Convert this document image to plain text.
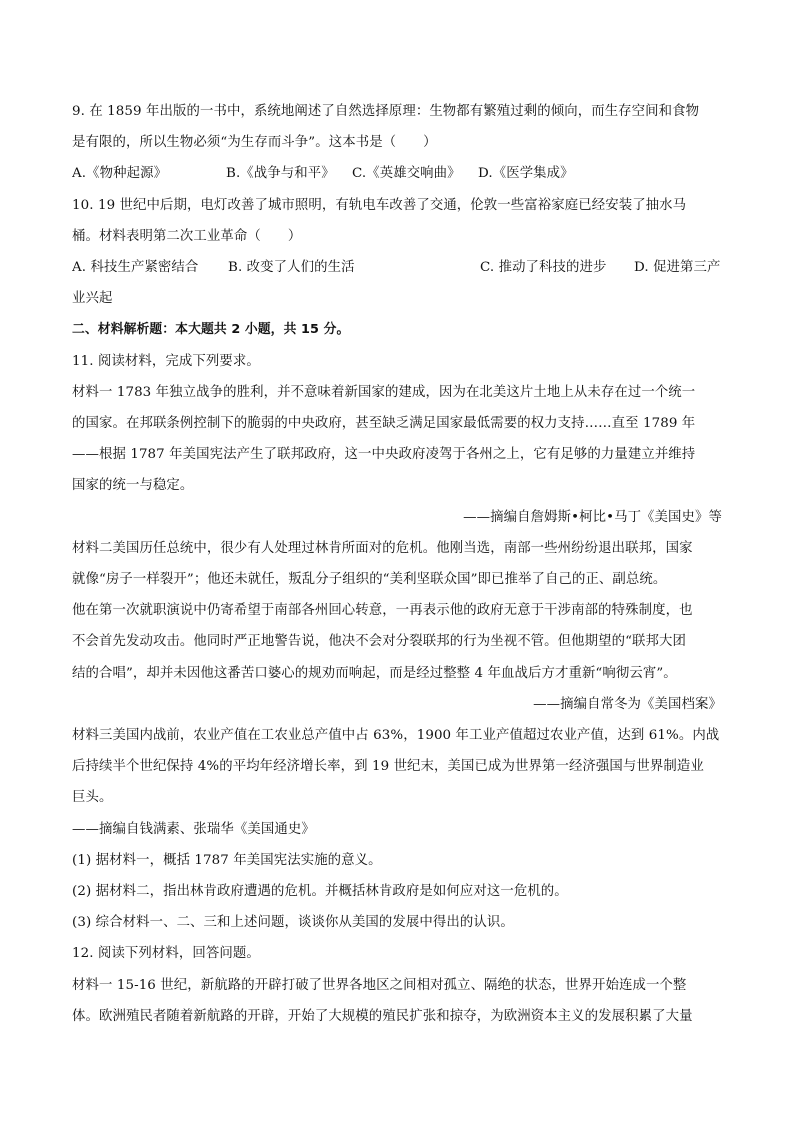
9. 在 1859 年出版的一书中，系统地阐述了自然选择原理：生物都有繁殖过剩的倾向，而生存空间和食物
是有限的，所以生物必须“为生存而斗争”。这本书是（　　）
A.《物种起源》	B.《战争与和平》	C.《英雄交响曲》	D.《医学集成》
10. 19 世纪中后期，电灯改善了城市照明，有轨电车改善了交通，伦敦一些富裕家庭已经安装了抽水马
桶。材料表明第二次工业革命（　　）
A. 科技生产紧密结合	B. 改变了人们的生活	C. 推动了科技的进步	D. 促进第三产
业兴起
二、材料解析题：本大题共 2 小题，共 15 分。
11. 阅读材料，完成下列要求。
材料一 1783 年独立战争的胜利，并不意味着新国家的建成，因为在北美这片土地上从未存在过一个统一
的国家。在邦联条例控制下的脆弱的中央政府，甚至缺乏满足国家最低需要的权力支持……直至 1789 年
——根据 1787 年美国宪法产生了联邦政府，这一中央政府凌驾于各州之上，它有足够的力量建立并维持
国家的统一与稳定。
——摘编自詹姆斯•柯比•马丁《美国史》等
材料二美国历任总统中，很少有人处理过林肯所面对的危机。他刚当选，南部一些州纷纷退出联邦，国家
就像“房子一样裂开”；他还未就任，叛乱分子组织的“美利坚联众国”即已推举了自己的正、副总统。
他在第一次就职演说中仍寄希望于南部各州回心转意，一再表示他的政府无意于干涉南部的特殊制度，也
不会首先发动攻击。他同时严正地警告说，他决不会对分裂联邦的行为坐视不管。但他期望的“联邦大团
结的合唱”，却并未因他这番苦口婆心的规劝而响起，而是经过整整 4 年血战后方才重新“响彻云宵”。
——摘编自常冬为《美国档案》
材料三美国内战前，农业产值在工农业总产值中占 63%，1900 年工业产值超过农业产值，达到 61%。内战
后持续半个世纪保持 4%的平均年经济增长率，到 19 世纪末，美国已成为世界第一经济强国与世界制造业
巨头。
——摘编自钱满素、张瑞华《美国通史》
(1) 据材料一，概括 1787 年美国宪法实施的意义。
(2) 据材料二，指出林肯政府遭遇的危机。并概括林肯政府是如何应对这一危机的。
(3) 综合材料一、二、三和上述问题，谈谈你从美国的发展中得出的认识。
12. 阅读下列材料，回答问题。
材料一 15-16 世纪，新航路的开辟打破了世界各地区之间相对孤立、隔绝的状态，世界开始连成一个整
体。欧洲殖民者随着新航路的开辟，开始了大规模的殖民扩张和掠夺，为欧洲资本主义的发展积累了大量
